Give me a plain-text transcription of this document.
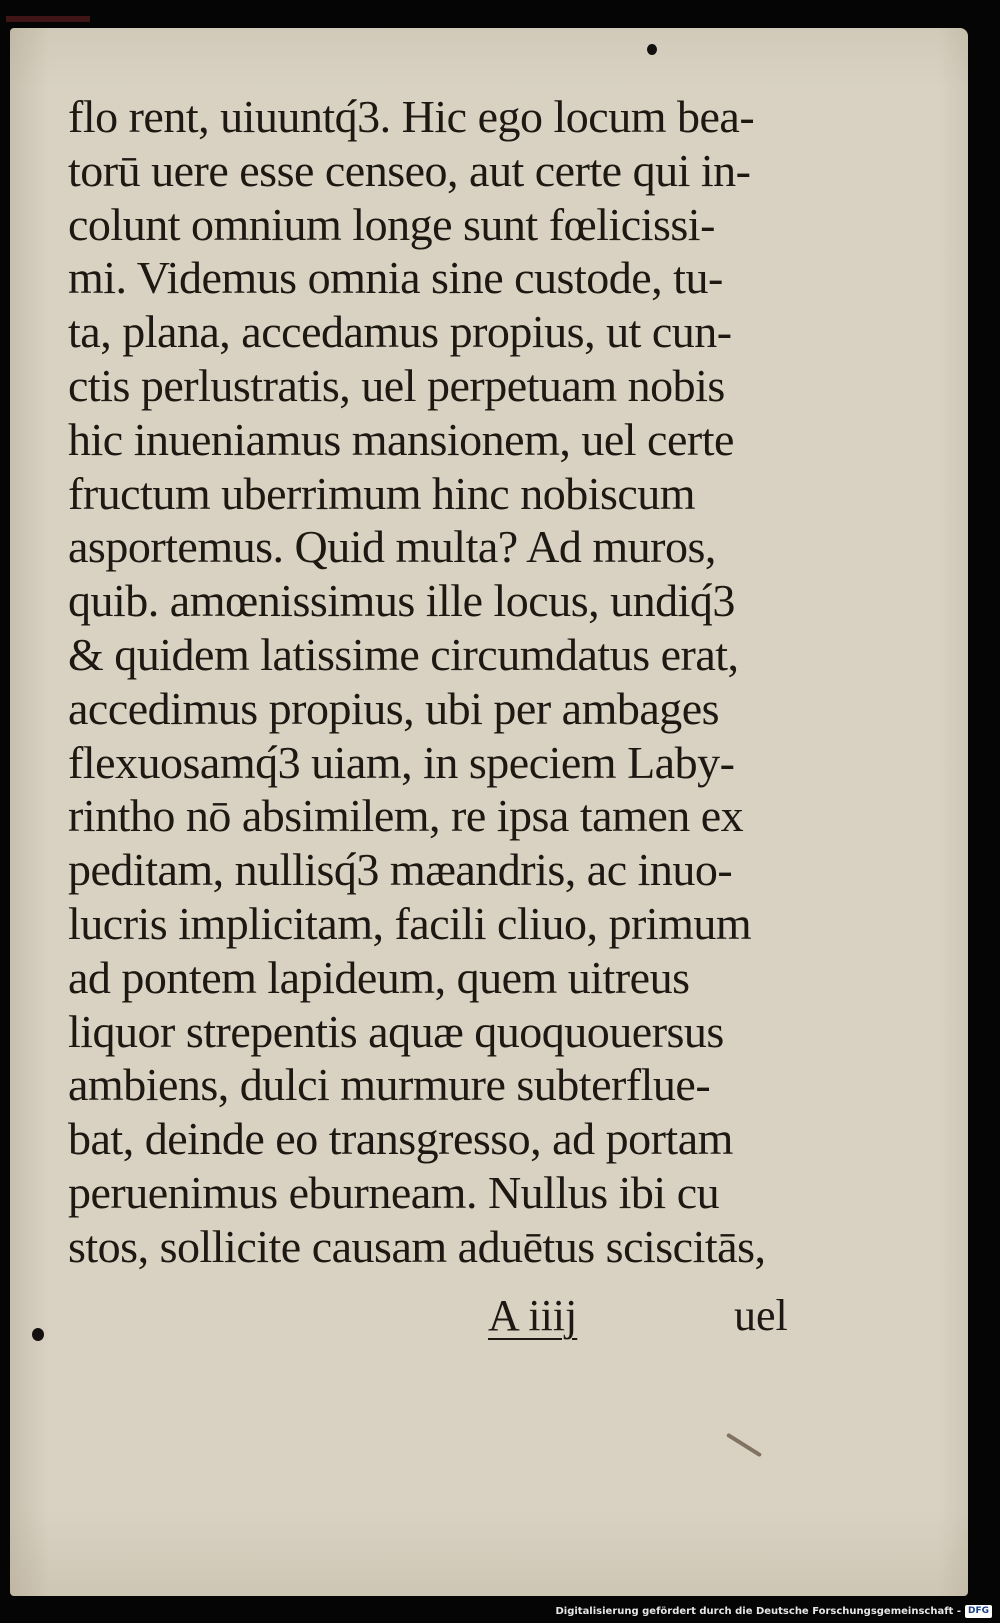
flo rent, uiuuntq́3. Hic ego locum bea-
torū uere esse censeo, aut certe qui in-
colunt omnium longe sunt fœlicissi-
mi. Videmus omnia sine custode, tu-
ta, plana, accedamus propius, ut cun-
ctis perlustratis, uel perpetuam nobis
hic inueniamus mansionem, uel certe
fructum uberrimum hinc nobiscum
asportemus. Quid multa? Ad muros,
quib. amœnissimus ille locus, undiq́3
& quidem latissime circumdatus erat,
accedimus propius, ubi per ambages
flexuosamq́3 uiam, in speciem Laby-
rintho nō absimilem, re ipsa tamen ex
peditam, nullisq́3 mæandris, ac inuo-
lucris implicitam, facili cliuo, primum
ad pontem lapideum, quem uitreus
liquor strepentis aquæ quoquouersus
ambiens, dulci murmure subterflue-
bat, deinde eo transgresso, ad portam
peruenimus eburneam. Nullus ibi cu
stos, sollicite causam aduētus sciscitās,
A iiij	uel
Digitalisierung gefördert durch die Deutsche Forschungsgemeinschaft - DFG
